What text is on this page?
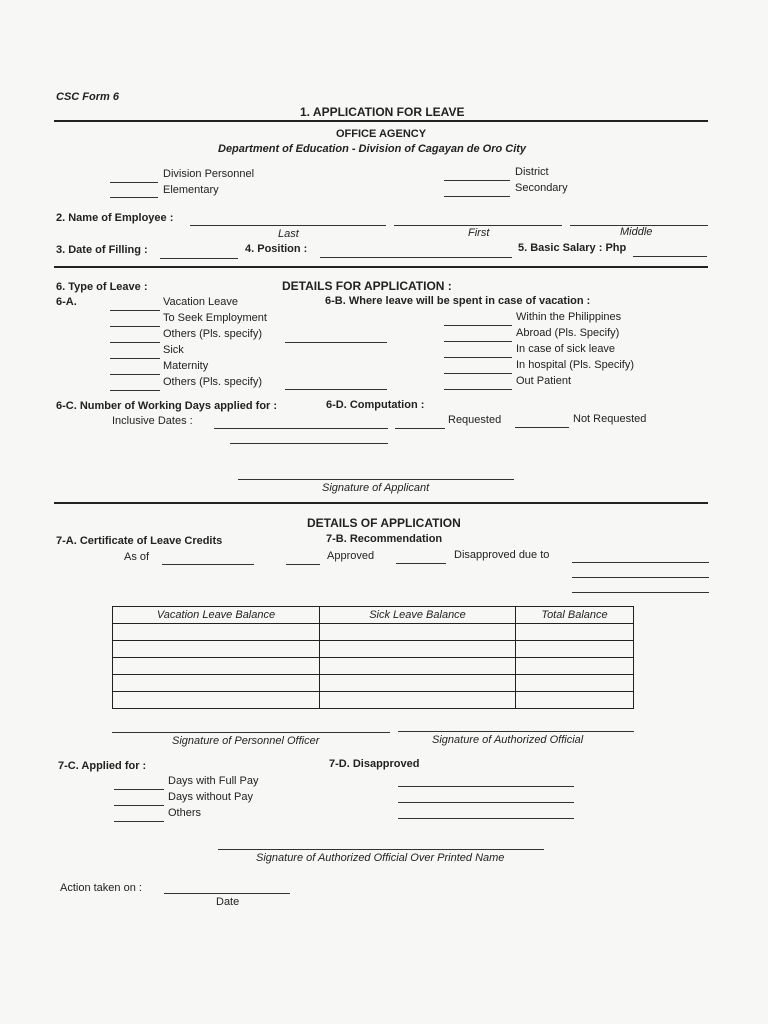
CSC Form 6
1. APPLICATION FOR LEAVE
OFFICE AGENCY
Department of Education - Division of Cagayan de Oro City
Division Personnel
Elementary
District
Secondary
2. Name of Employee :
Last	First	Middle
3. Date of Filling :	4. Position :	5. Basic Salary : Php
6. Type of Leave :	DETAILS FOR APPLICATION :
6-A.	6-B. Where leave will be spent in case of vacation :
Vacation Leave
To Seek Employment
Others (Pls. specify)
Sick
Maternity
Others (Pls. specify)
Within the Philippines
Abroad (Pls. Specify)
In case of sick leave
In hospital (Pls. Specify)
Out Patient
6-C. Number of Working Days applied for :	6-D. Computation :
Inclusive Dates :	Requested	Not Requested
Signature of Applicant
DETAILS OF APPLICATION
7-A. Certificate of Leave Credits	7-B. Recommendation
As of	Approved	Disapproved due to
Vacation Leave Balance	Sick Leave Balance	Total Balance

Signature of Personnel Officer	Signature of Authorized Official
7-C. Applied for :	7-D. Disapproved
Days with Full Pay
Days without Pay
Others
Signature of Authorized Official Over Printed Name
Action taken on :
Date
